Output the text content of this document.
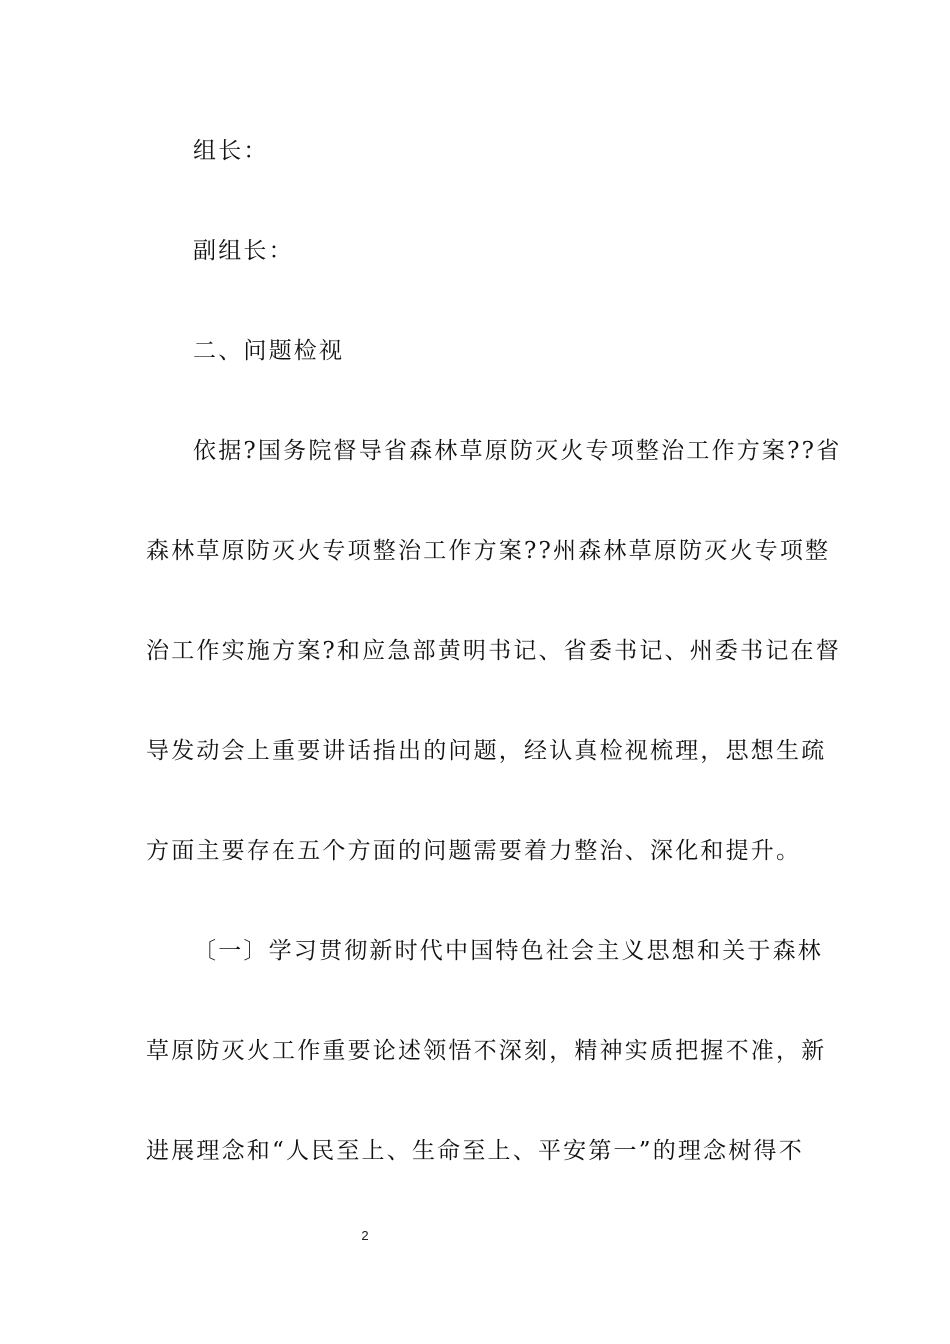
组长：
副组长：
二、问题检视
依据?国务院督导省森林草原防灭火专项整治工作方案??省
森林草原防灭火专项整治工作方案??州森林草原防灭火专项整
治工作实施方案?和应急部黄明书记、省委书记、州委书记在督
导发动会上重要讲话指出的问题，经认真检视梳理，思想生疏
方面主要存在五个方面的问题需要着力整治、深化和提升。
〔一〕学习贯彻新时代中国特色社会主义思想和关于森林
草原防灭火工作重要论述领悟不深刻，精神实质把握不准，新
进展理念和“人民至上、生命至上、平安第一”的理念树得不
2
